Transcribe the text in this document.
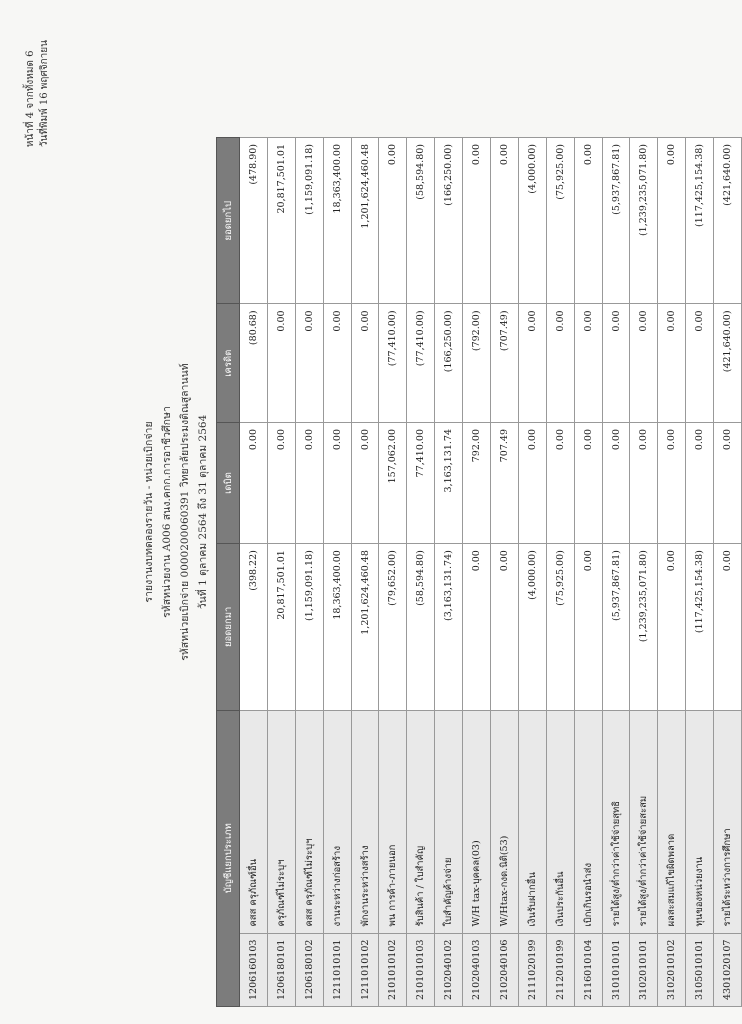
หน้าที่ 4 จากทั้งหมด 6 วันที่พิมพ์ 16 พฤศจิกายน
รายงานงบทดลองรายวัน - หน่วยเบิกจ่าย รหัสหน่วยงาน A006 สนง.คกก.การอาชีวศึกษา รหัสหน่วยเบิกจ่าย 0000200060391 วิทยาลัยประมงติณสูลานนท์ วันที่ 1 ตุลาคม 2564 ถึง 31 ตุลาคม 2564
บัญชีแยกประเภท		ยอดยกมา	เดบิต	เครดิต	ยอดยกไป
1206160103	คสส ครุภัณฑ์อื่น	(398.22)	0.00	(80.68)	(478.90)
1206180101	ครุภัณฑ์ไม่ระบุฯ	20,817,501.01	0.00	0.00	20,817,501.01
1206180102	คสส ครุภัณฑ์ไม่ระบุฯ	(1,159,091.18)	0.00	0.00	(1,159,091.18)
1211010101	งานระหว่างก่อสร้าง	18,363,400.00	0.00	0.00	18,363,400.00
1211010102	พักงานระหว่างสร้าง	1,201,624,460.48	0.00	0.00	1,201,624,460.48
2101010102	พน การค้า-ภายนอก	(79,652.00)	157,062.00	(77,410.00)	0.00
2101010103	รับสินค้า / ใบสำคัญ	(58,594.80)	77,410.00	(77,410.00)	(58,594.80)
2102040102	ใบสำคัญค้างจ่าย	(3,163,131.74)	3,163,131.74	(166,250.00)	(166,250.00)
2102040103	W/H tax-บุคคล(03)	0.00	792.00	(792.00)	0.00
2102040106	W/Htax-กงด.นิติ(53)	0.00	707.49	(707.49)	0.00
2111020199	เงินรับฝากอื่น	(4,000.00)	0.00	0.00	(4,000.00)
2112010199	เงินประกันอื่น	(75,925.00)	0.00	0.00	(75,925.00)
2116010104	เบิกเกินรอนำส่ง	0.00	0.00	0.00	0.00
3101010101	รายได้สูง/ต่ำกว่าค่าใช้จ่ายสุทธิ	(5,937,867.81)	0.00	0.00	(5,937,867.81)
3102010101	รายได้สูง/ต่ำกว่าค่าใช้จ่ายสะสม	(1,239,235,071.80)	0.00	0.00	(1,239,235,071.80)
3102010102	ผลสะสมแก้ไขผิดพลาด	0.00	0.00	0.00	0.00
3105010101	ทุนของหน่วยงาน	(117,425,154.38)	0.00	0.00	(117,425,154.38)
4301020107	รายได้ระหว่างการศึกษา	0.00	0.00	(421,640.00)	(421,640.00)
